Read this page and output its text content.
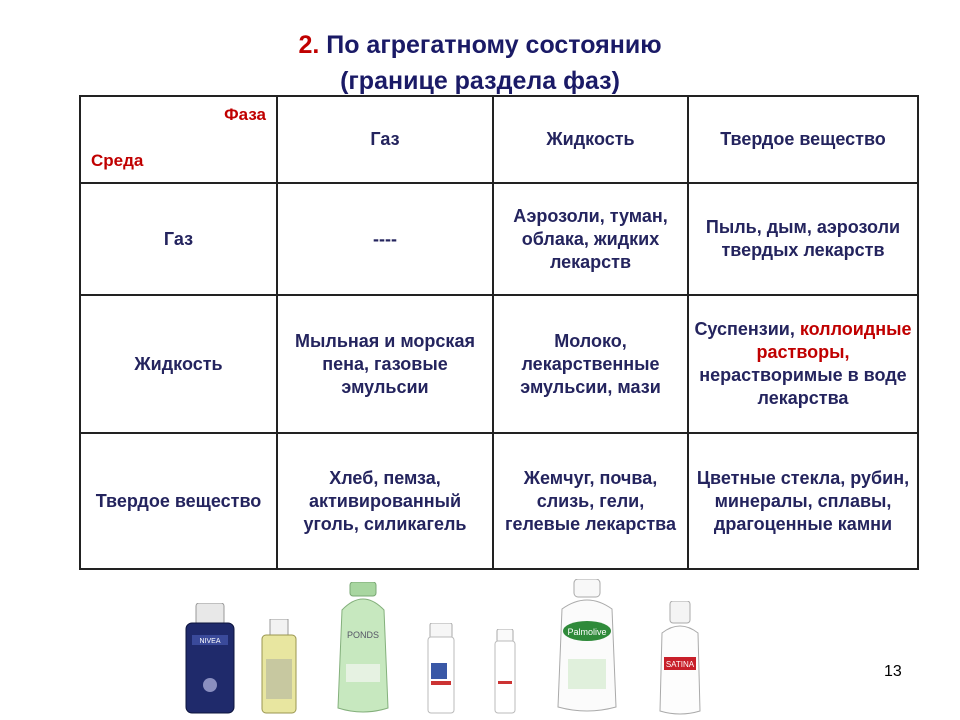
2. По агрегатному состоянию
(границе раздела фаз)
Фаза
Среда	Газ	Жидкость	Твердое вещество
Газ	----	Аэрозоли, туман, облака, жидких лекарств	Пыль, дым, аэрозоли твердых лекарств
Жидкость	Мыльная и морская пена, газовые эмульсии	Молоко, лекарственные эмульсии, мази	Суспензии, коллоидные растворы, нерастворимые в воде лекарства
Твердое вещество	Хлеб, пемза, активированный уголь, силикагель	Жемчуг, почва, слизь, гели, гелевые лекарства	Цветные стекла, рубин, минералы, сплавы, драгоценные камни
NIVEA
PONDS	Palmolive
SATINA	13
